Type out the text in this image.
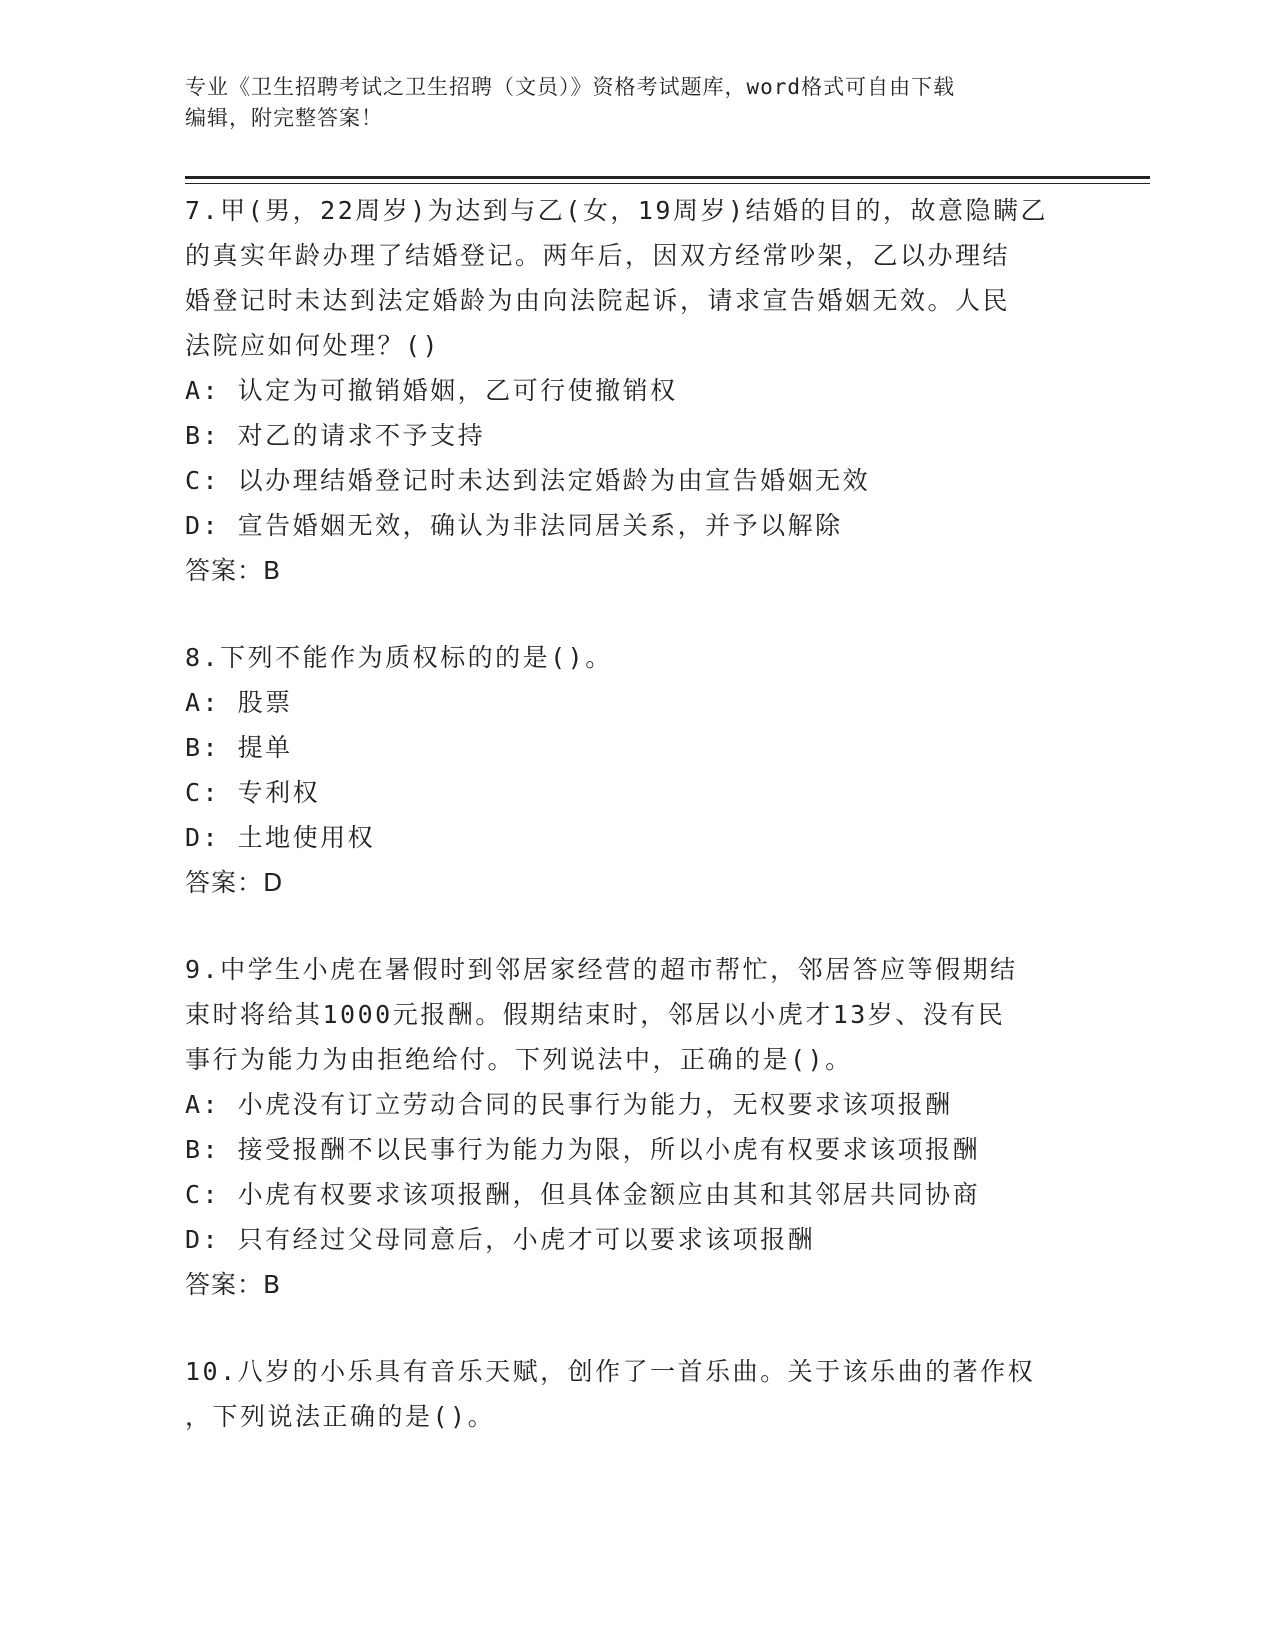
专业《卫生招聘考试之卫生招聘（文员）》资格考试题库，word格式可自由下载
编辑，附完整答案！

7.甲(男，22周岁)为达到与乙(女，19周岁)结婚的目的，故意隐瞒乙

的真实年龄办理了结婚登记。两年后，因双方经常吵架，乙以办理结

婚登记时未达到法定婚龄为由向法院起诉，请求宣告婚姻无效。人民

法院应如何处理？()

A: 认定为可撤销婚姻，乙可行使撤销权

B: 对乙的请求不予支持

C: 以办理结婚登记时未达到法定婚龄为由宣告婚姻无效

D: 宣告婚姻无效，确认为非法同居关系，并予以解除

答案：B

8.下列不能作为质权标的的是()。

A: 股票

B: 提单

C: 专利权

D: 土地使用权

答案：D

9.中学生小虎在暑假时到邻居家经营的超市帮忙，邻居答应等假期结

束时将给其1000元报酬。假期结束时，邻居以小虎才13岁、没有民

事行为能力为由拒绝给付。下列说法中，正确的是()。

A: 小虎没有订立劳动合同的民事行为能力，无权要求该项报酬

B: 接受报酬不以民事行为能力为限，所以小虎有权要求该项报酬

C: 小虎有权要求该项报酬，但具体金额应由其和其邻居共同协商

D: 只有经过父母同意后，小虎才可以要求该项报酬

答案：B

10.八岁的小乐具有音乐天赋，创作了一首乐曲。关于该乐曲的著作权

，下列说法正确的是()。
